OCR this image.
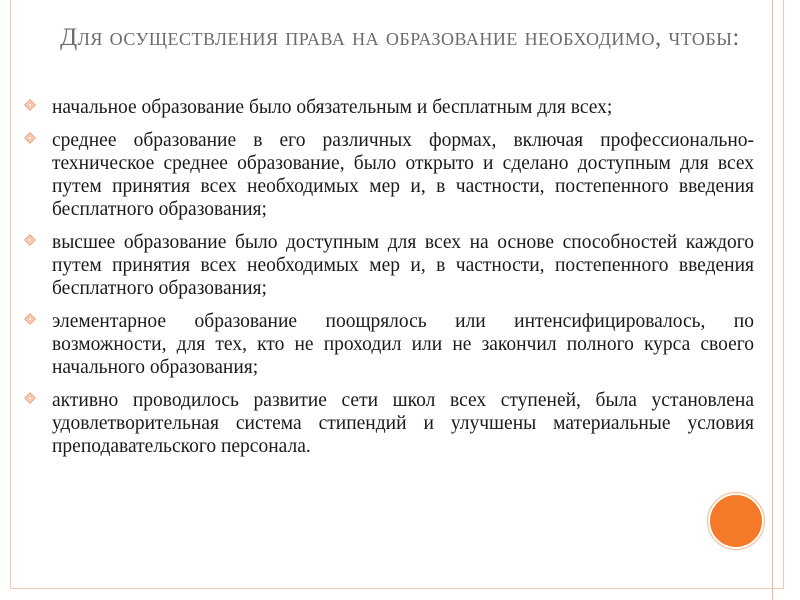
Для осуществления права на образование необходимо, чтобы:
начальное образование было обязательным и бесплатным для всех;
среднее образование в его различных формах, включая профессионально-техническое среднее образование, было открыто и сделано доступным для всех путем принятия всех необходимых мер и, в частности, постепенного введения бесплатного образования;
высшее образование было доступным для всех на основе способностей каждого путем принятия всех необходимых мер и, в частности, постепенного введения бесплатного образования;
элементарное образование поощрялось или интенсифицировалось, по возможности, для тех, кто не проходил или не закончил полного курса своего начального образования;
активно проводилось развитие сети школ всех ступеней, была установлена удовлетворительная система стипендий и улучшены материальные условия преподавательского персонала.
